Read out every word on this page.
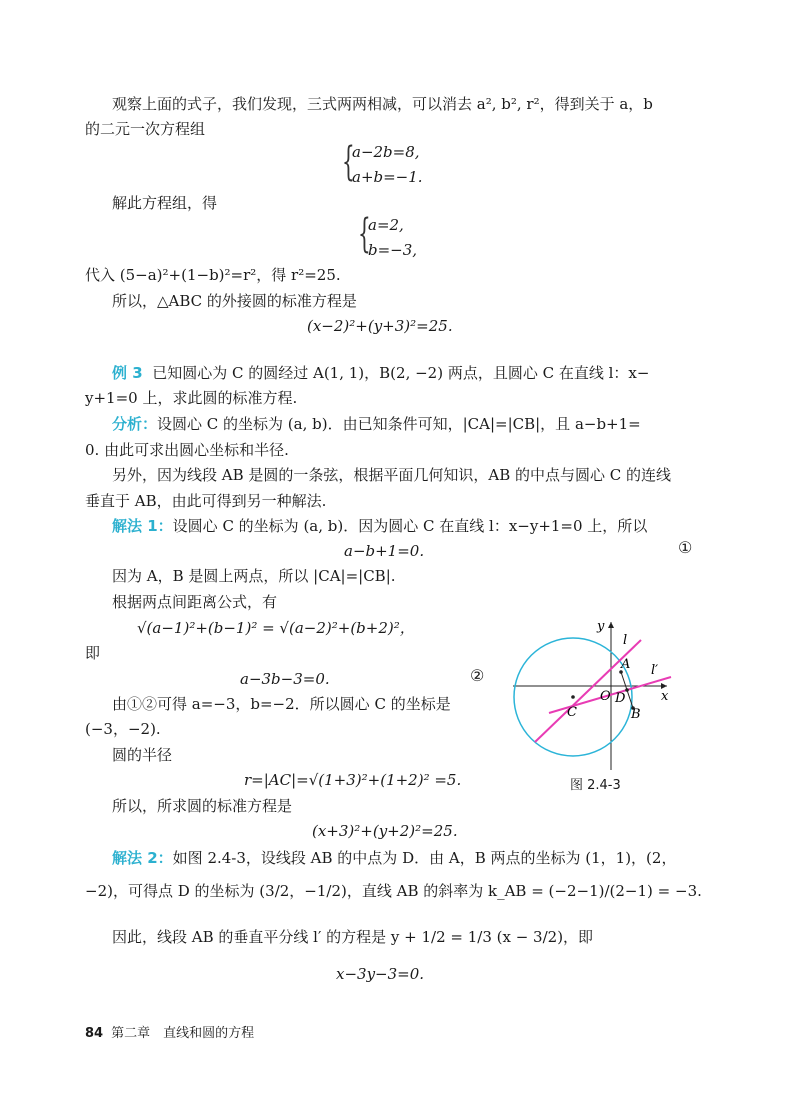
观察上面的式子，我们发现，三式两两相减，可以消去 a², b², r²，得到关于 a，b
的二元一次方程组
{
a−2b=8,
a+b=−1.
解此方程组，得
{
a=2,
b=−3,
代入 (5−a)²+(1−b)²=r²，得 r²=25.
所以，△ABC 的外接圆的标准方程是
(x−2)²+(y+3)²=25.
例 3 已知圆心为 C 的圆经过 A(1, 1)，B(2, −2) 两点，且圆心 C 在直线 l：x−
y+1=0 上，求此圆的标准方程.
分析：设圆心 C 的坐标为 (a, b)．由已知条件可知，|CA|=|CB|，且 a−b+1=
0. 由此可求出圆心坐标和半径.
另外，因为线段 AB 是圆的一条弦，根据平面几何知识，AB 的中点与圆心 C 的连线
垂直于 AB，由此可得到另一种解法.
解法 1：设圆心 C 的坐标为 (a, b)．因为圆心 C 在直线 l：x−y+1=0 上，所以
a−b+1=0.	①
因为 A，B 是圆上两点，所以 |CA|=|CB|.
根据两点间距离公式，有
√(a−1)²+(b−1)² = √(a−2)²+(b+2)²，
即
a−3b−3=0.	②
由①②可得 a=−3，b=−2．所以圆心 C 的坐标是
(−3，−2).
圆的半径
r=|AC|=√(1+3)²+(1+2)² =5.
所以，所求圆的标准方程是
(x+3)²+(y+2)²=25.
解法 2：如图 2.4-3，设线段 AB 的中点为 D．由 A，B 两点的坐标为 (1，1)，(2，
−2)，可得点 D 的坐标为 (3/2，−1/2)，直线 AB 的斜率为 k_AB = (−2−1)/(2−1) = −3.
因此，线段 AB 的垂直平分线 l′ 的方程是 y + 1/2 = 1/3 (x − 3/2)，即
x−3y−3=0.
y
x
O
A
B
C
D
l
l′
图 2.4-3
84 第二章　直线和圆的方程
